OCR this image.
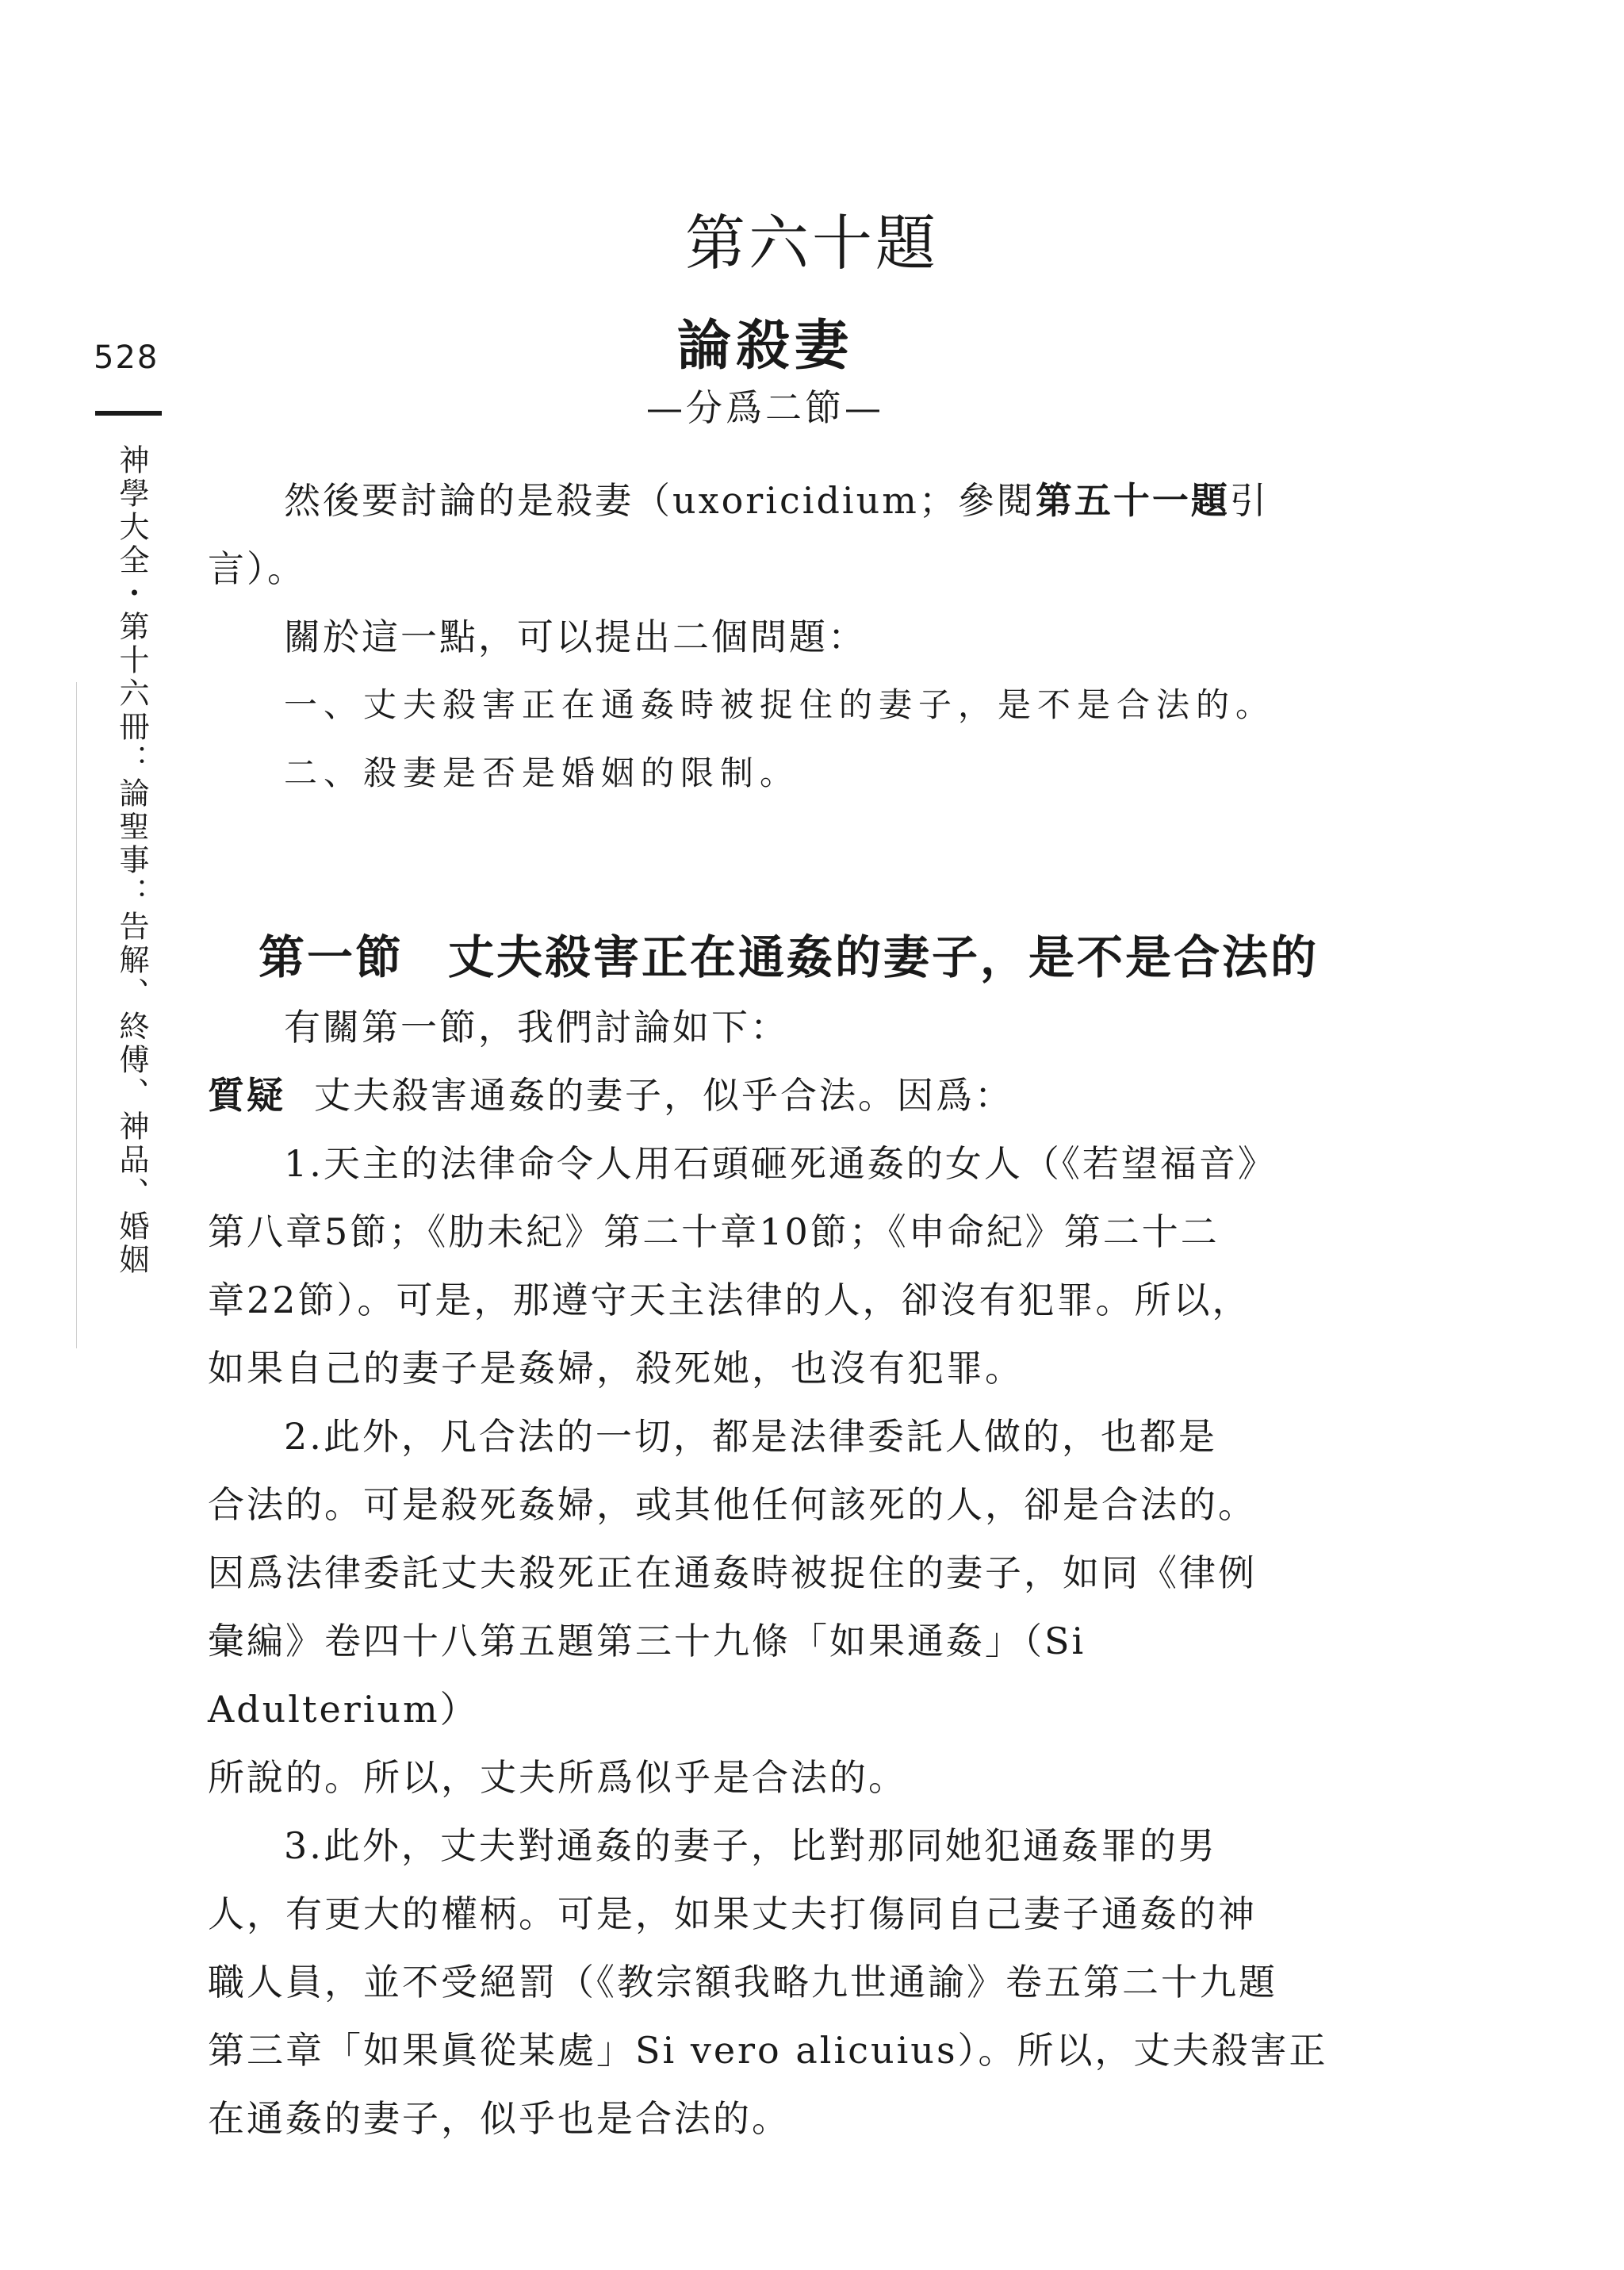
528
神學大全・第十六冊：論聖事：告解、終傅、神品、婚姻
第六十題
論殺妻
—分爲二節—

然後要討論的是殺妻（uxoricidium；參閱第五十一題引

言）。

關於這一點，可以提出二個問題：

一、丈夫殺害正在通姦時被捉住的妻子，是不是合法的。

二、殺妻是否是婚姻的限制。

第一節 丈夫殺害正在通姦的妻子，是不是合法的

有關第一節，我們討論如下：

質疑 丈夫殺害通姦的妻子，似乎合法。因爲：

1.天主的法律命令人用石頭砸死通姦的女人（《若望福音》

第八章5節；《肋未紀》第二十章10節；《申命紀》第二十二

章22節）。可是，那遵守天主法律的人，卻沒有犯罪。所以，

如果自己的妻子是姦婦，殺死她，也沒有犯罪。

2.此外，凡合法的一切，都是法律委託人做的，也都是

合法的。可是殺死姦婦，或其他任何該死的人，卻是合法的。

因爲法律委託丈夫殺死正在通姦時被捉住的妻子，如同《律例

彙編》卷四十八第五題第三十九條「如果通姦」（Si Adulterium）

所說的。所以，丈夫所爲似乎是合法的。

3.此外，丈夫對通姦的妻子，比對那同她犯通姦罪的男

人，有更大的權柄。可是，如果丈夫打傷同自己妻子通姦的神

職人員，並不受絕罰（《教宗額我略九世通諭》卷五第二十九題

第三章「如果眞從某處」Si vero alicuius）。所以，丈夫殺害正

在通姦的妻子，似乎也是合法的。
